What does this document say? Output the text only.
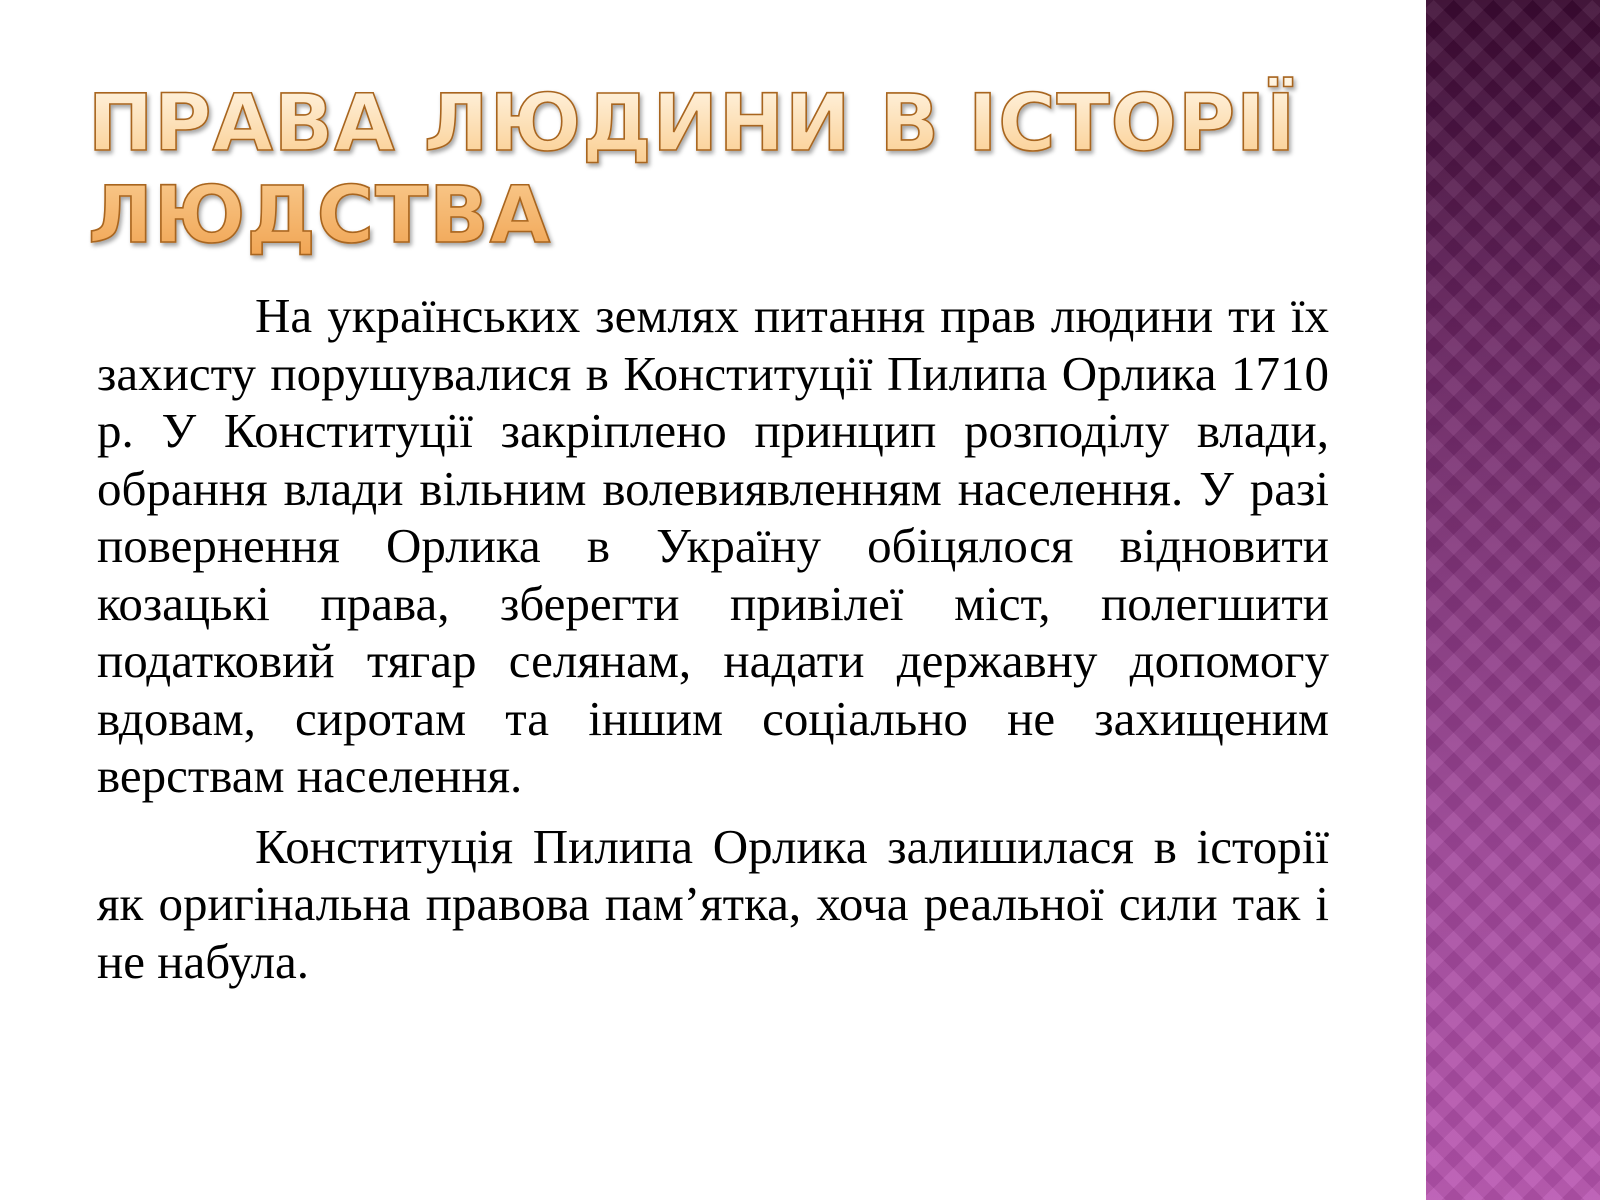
ПРАВА ЛЮДИНИ В ІСТОРІЇ
ЛЮДСТВА

На українських землях питання прав людини ти їх захисту порушувалися в Конституції Пилипа Орлика 1710 р. У Конституції закріплено принцип розподілу влади, обрання влади вільним волевиявленням населення. У разі повернення Орлика в Україну обіцялося відновити козацькі права, зберегти привілеї міст, полегшити податковий тягар селянам, надати державну допомогу вдовам, сиротам та іншим соціально не захищеним верствам населення.

Конституція Пилипа Орлика залишилася в історії як оригінальна правова пам’ятка, хоча реальної сили так і не набула.
